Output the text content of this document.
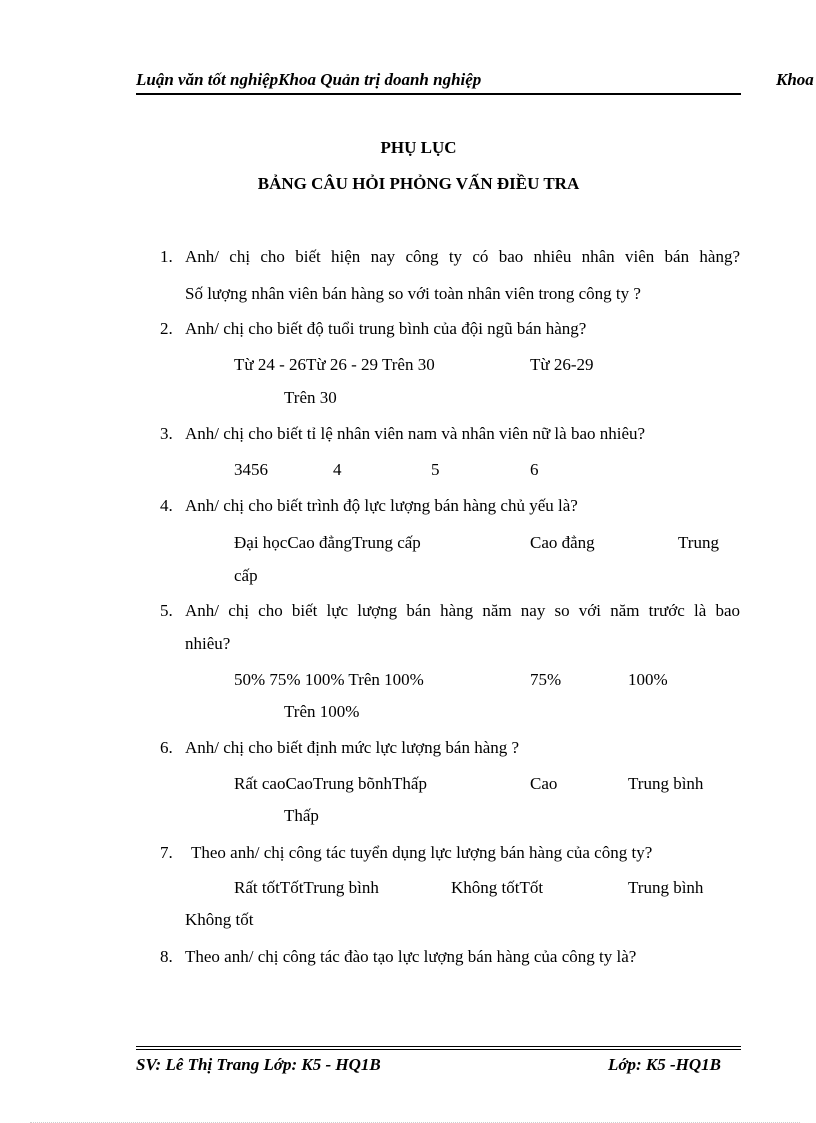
Luận văn tốt nghiệpKhoa Quản trị doanh nghiệp	Khoa
PHỤ LỤC
BẢNG CÂU HỎI PHỎNG VẤN ĐIỀU TRA
1. Anh/ chị cho biết hiện nay công ty có bao nhiêu nhân viên bán hàng?
Số lượng nhân viên bán hàng so với toàn nhân viên trong công ty ?
2. Anh/ chị cho biết độ tuổi trung bình của đội ngũ bán hàng?
Từ 24 - 26Từ 26 - 29 Trên 30	Từ 26-29
Trên 30
3. Anh/ chị cho biết tỉ lệ nhân viên nam và nhân viên nữ là bao nhiêu?
3456	4	5	6
4. Anh/ chị cho biết trình độ lực lượng bán hàng chủ yếu là?
Đại họcCao đẳngTrung cấp	Cao đẳng	Trung
cấp
5. Anh/ chị cho biết lực lượng bán hàng năm nay so với năm trước là bao
nhiêu?
50% 75% 100% Trên 100%	75%	100%
Trên 100%
6. Anh/ chị cho biết định mức lực lượng bán hàng ?
Rất caoCaoTrung bõnhThấp	Cao	Trung bình
Thấp
7. Theo anh/ chị công tác tuyển dụng lực lượng bán hàng của công ty?
Rất tốtTốtTrung bình	Không tốtTốt	Trung bình
Không tốt
8. Theo anh/ chị công tác đào tạo lực lượng bán hàng của công ty là?
SV: Lê Thị Trang Lớp: K5 - HQ1B	Lớp: K5 -HQ1B
